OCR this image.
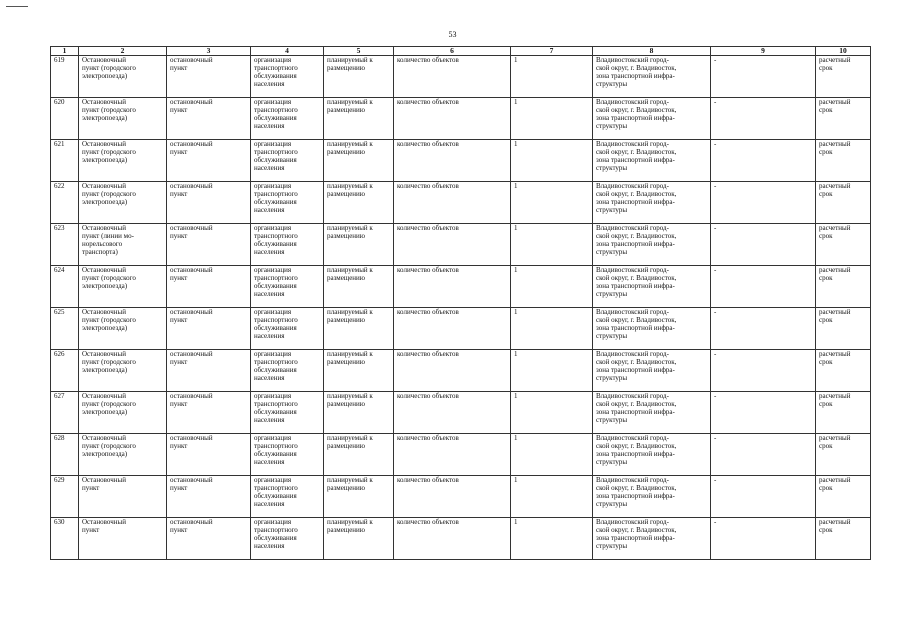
53
1	2	3	4	5	6	7	8	9	10
619	Остановочный
пункт (городского
электропоезда)	остановочный
пункт	организация
транспортного
обслуживания
населения	планируемый к
размещению	количество объектов	1	Владивостокский город-
ской округ, г. Владивосток,
зона транспортной инфра-
структуры	-	расчетный
срок
620	Остановочный
пункт (городского
электропоезда)	остановочный
пункт	организация
транспортного
обслуживания
населения	планируемый к
размещению	количество объектов	1	Владивостокский город-
ской округ, г. Владивосток,
зона транспортной инфра-
структуры	-	расчетный
срок
621	Остановочный
пункт (городского
электропоезда)	остановочный
пункт	организация
транспортного
обслуживания
населения	планируемый к
размещению	количество объектов	1	Владивостокский город-
ской округ, г. Владивосток,
зона транспортной инфра-
структуры	-	расчетный
срок
622	Остановочный
пункт (городского
электропоезда)	остановочный
пункт	организация
транспортного
обслуживания
населения	планируемый к
размещению	количество объектов	1	Владивостокский город-
ской округ, г. Владивосток,
зона транспортной инфра-
структуры	-	расчетный
срок
623	Остановочный
пункт (линии мо-
норельсового
транспорта)	остановочный
пункт	организация
транспортного
обслуживания
населения	планируемый к
размещению	количество объектов	1	Владивостокский город-
ской округ, г. Владивосток,
зона транспортной инфра-
структуры	-	расчетный
срок
624	Остановочный
пункт (городского
электропоезда)	остановочный
пункт	организация
транспортного
обслуживания
населения	планируемый к
размещению	количество объектов	1	Владивостокский город-
ской округ, г. Владивосток,
зона транспортной инфра-
структуры	-	расчетный
срок
625	Остановочный
пункт (городского
электропоезда)	остановочный
пункт	организация
транспортного
обслуживания
населения	планируемый к
размещению	количество объектов	1	Владивостокский город-
ской округ, г. Владивосток,
зона транспортной инфра-
структуры	-	расчетный
срок
626	Остановочный
пункт (городского
электропоезда)	остановочный
пункт	организация
транспортного
обслуживания
населения	планируемый к
размещению	количество объектов	1	Владивостокский город-
ской округ, г. Владивосток,
зона транспортной инфра-
структуры	-	расчетный
срок
627	Остановочный
пункт (городского
электропоезда)	остановочный
пункт	организация
транспортного
обслуживания
населения	планируемый к
размещению	количество объектов	1	Владивостокский город-
ской округ, г. Владивосток,
зона транспортной инфра-
структуры	-	расчетный
срок
628	Остановочный
пункт (городского
электропоезда)	остановочный
пункт	организация
транспортного
обслуживания
населения	планируемый к
размещению	количество объектов	1	Владивостокский город-
ской округ, г. Владивосток,
зона транспортной инфра-
структуры	-	расчетный
срок
629	Остановочный
пункт	остановочный
пункт	организация
транспортного
обслуживания
населения	планируемый к
размещению	количество объектов	1	Владивостокский город-
ской округ, г. Владивосток,
зона транспортной инфра-
структуры	-	расчетный
срок
630	Остановочный
пункт	остановочный
пункт	организация
транспортного
обслуживания
населения	планируемый к
размещению	количество объектов	1	Владивостокский город-
ской округ, г. Владивосток,
зона транспортной инфра-
структуры	-	расчетный
срок
